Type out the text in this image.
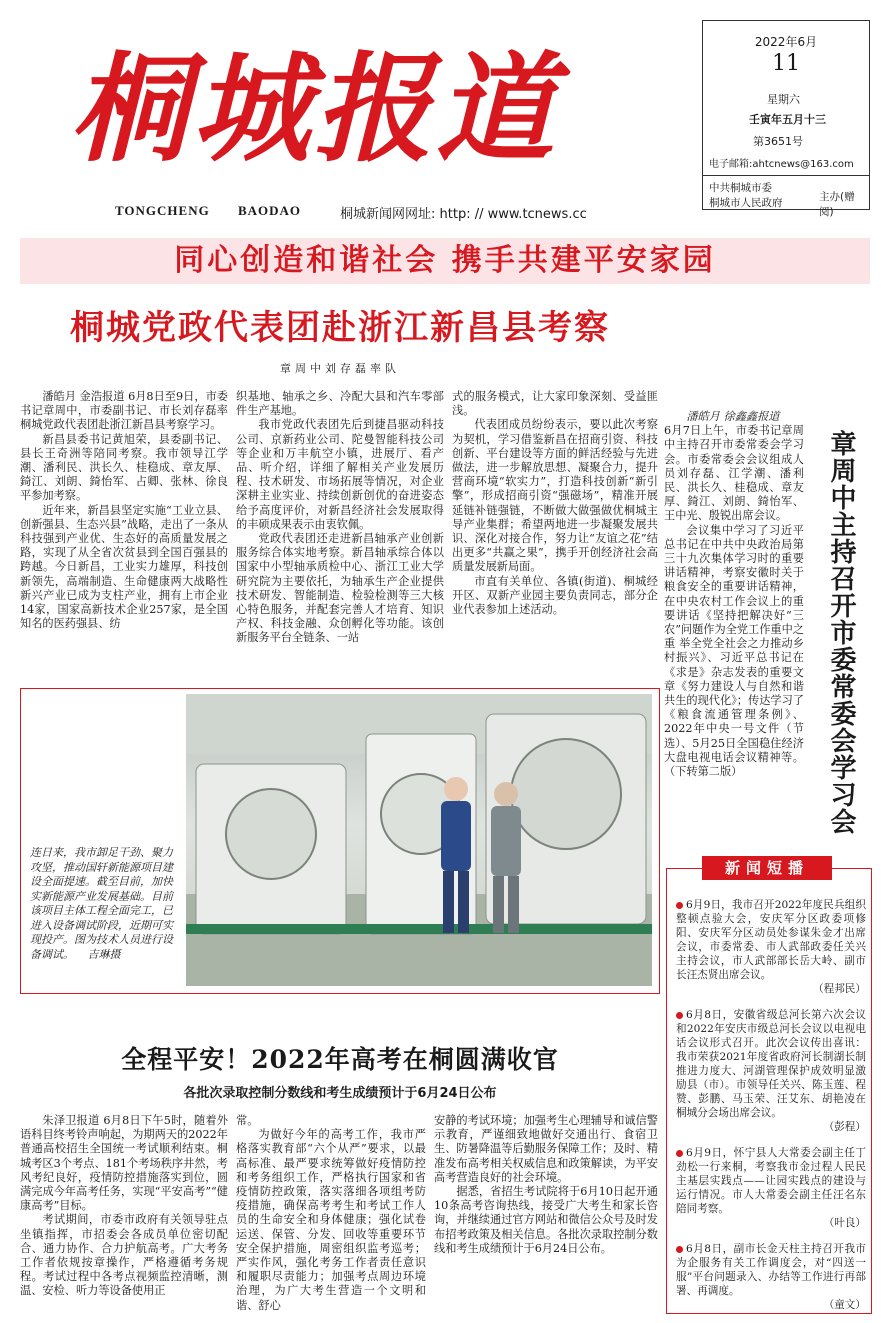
桐城报道
TONGCHENG BAODAO	桐城新闻网网址: http: // www.tcnews.cc
2022年6月
11
星期六
壬寅年五月十三
第3651号
电子邮箱:ahtcnews@163.com
中共桐城市委
桐城市人民政府	主办(赠阅)
同心创造和谐社会 携手共建平安家园
桐城党政代表团赴浙江新昌县考察
章周中刘存磊率队

潘皓月 金浩报道 6月8日至9日，市委书记章周中，市委副书记、市长刘存磊率桐城党政代表团赴浙江新昌县考察学习。

新昌县委书记黄旭荣，县委副书记、县长王奇洲等陪同考察。我市领导江学潮、潘利民、洪长久、桂稳成、章友厚、錡江、刘朗、錡怡军、占卿、张林、徐良平参加考察。

近年来，新昌县坚定实施“工业立县、创新强县、生态兴县”战略，走出了一条从科技强到产业优、生态好的高质量发展之路，实现了从全省次贫县到全国百强县的跨越。今日新昌，工业实力雄厚，科技创新领先，高端制造、生命健康两大战略性新兴产业已成为支柱产业，拥有上市企业14家，国家高新技术企业257家，是全国知名的医药强县、纺

织基地、轴承之乡、冷配大县和汽车零部件生产基地。

我市党政代表团先后到捷昌驱动科技公司、京新药业公司、陀曼智能科技公司等企业和万丰航空小镇，进展厅、看产品、听介绍，详细了解相关产业发展历程、技术研发、市场拓展等情况，对企业深耕主业实业、持续创新创优的奋进姿态给予高度评价，对新昌经济社会发展取得的丰硕成果表示由衷钦佩。

党政代表团还走进新昌轴承产业创新服务综合体实地考察。新昌轴承综合体以国家中小型轴承质检中心、浙江工业大学研究院为主要依托，为轴承生产企业提供技术研发、智能制造、检验检测等三大核心特色服务，并配套完善人才培育、知识产权、科技金融、众创孵化等功能。该创新服务平台全链条、一站

式的服务模式，让大家印象深刻、受益匪浅。

代表团成员纷纷表示，要以此次考察为契机，学习借鉴新昌在招商引资、科技创新、平台建设等方面的鲜活经验与先进做法，进一步解放思想、凝聚合力，提升营商环境“软实力”，打造科技创新“新引擎”，形成招商引资“强磁场”，精准开展延链补链强链，不断做大做强做优桐城主导产业集群；希望两地进一步凝聚发展共识、深化对接合作，努力让“友谊之花”结出更多“共赢之果”，携手开创经济社会高质量发展新局面。

市直有关单位、各镇(街道)、桐城经开区、双新产业园主要负责同志，部分企业代表参加上述活动。

连日来，我市卸足干劲、聚力攻坚，推动国轩新能源项目建设全面提速。截至目前，加快实新能源产业发展基础。目前该项目主体工程全面完工，已进入设备调试阶段，近期可实现投产。图为技术人员进行设备调试。 吉琳摄

潘皓月 徐鑫鑫报道

6月7日上午，市委书记章周中主持召开市委常委会学习会。市委常委会会议组成人员刘存磊、江学潮、潘利民、洪长久、桂稳成、章友厚、錡江、刘朗、錡怡军、王中光、殷锐出席会议。

会议集中学习了习近平总书记在中共中央政治局第三十九次集体学习时的重要讲话精神，考察安徽时关于粮食安全的重要讲话精神，在中央农村工作会议上的重要讲话《坚持把解决好“三农”问题作为全党工作重中之重 举全党全社会之力推动乡村振兴》、习近平总书记在《求是》杂志发表的重要文章《努力建设人与自然和谐共生的现代化》；传达学习了《粮食流通管理条例》、2022年中央一号文件（节选）、5月25日全国稳住经济大盘电视电话会议精神等。（下转第二版）	章周中主持召开市委常委会学习会
新闻短播
6月9日，我市召开2022年度民兵组织整顿点验大会，安庆军分区政委项修阳、安庆军分区动员处参谋朱金才出席会议，市委常委、市人武部政委任关兴主持会议，市人武部部长岳大岭、副市长汪杰贤出席会议。
（程邦民）
6月8日，安徽省级总河长第六次会议和2022年安庆市级总河长会议以电视电话会议形式召开。此次会议传出喜讯：我市荣获2021年度省政府河长制湖长制推进力度大、河湖管理保护成效明显激励县（市）。市领导任关兴、陈玉莲、程赞、彭鹏、马玉荣、汪艾东、胡艳凌在桐城分会场出席会议。
（彭程）
6月9日，怀宁县人大常委会副主任丁劲松一行来桐，考察我市金过程人民民主基层实践点——让园实践点的建设与运行情况。市人大常委会副主任汪名东陪同考察。
（叶良）
6月8日，副市长金天柱主持召开我市为企服务有关工作调度会，对“四送一服”平台问题录入、办结等工作进行再部署、再调度。
（童文）
全程平安！2022年高考在桐圆满收官
各批次录取控制分数线和考生成绩预计于6月24日公布

朱泽卫报道 6月8日下午5时，随着外语科目终考铃声响起，为期两天的2022年普通高校招生全国统一考试顺利结束。桐城考区3个考点、181个考场秩序井然，考风考纪良好，疫情防控措施落实到位，圆满完成今年高考任务，实现“平安高考”“健康高考”目标。

考试期间，市委市政府有关领导驻点坐镇指挥，市招委会各成员单位密切配合、通力协作、合力护航高考。广大考务工作者依规按章操作，严格遵循考务规程。考试过程中各考点视频监控清晰，测温、安检、听力等设备使用正

常。

为做好今年的高考工作，我市严格落实教育部“六个从严”要求，以最高标准、最严要求统筹做好疫情防控和考务组织工作，严格执行国家和省疫情防控政策，落实落细各项组考防疫措施，确保高考考生和考试工作人员的生命安全和身体健康；强化试卷运送、保管、分发、回收等重要环节安全保护措施，周密组织监考巡考；严实作风，强化考务工作者责任意识和履职尽责能力；加强考点周边环境治理，为广大考生营造一个文明和谐、舒心

安静的考试环境；加强考生心理辅导和诚信警示教育，严谨细致地做好交通出行、食宿卫生、防暑降温等后勤服务保障工作；及时、精准发布高考相关权威信息和政策解读，为平安高考营造良好的社会环境。

据悉，省招生考试院将于6月10日起开通10条高考咨询热线，接受广大考生和家长咨询，并继续通过官方网站和微信公众号及时发布招考政策及相关信息。各批次录取控制分数线和考生成绩预计于6月24日公布。
